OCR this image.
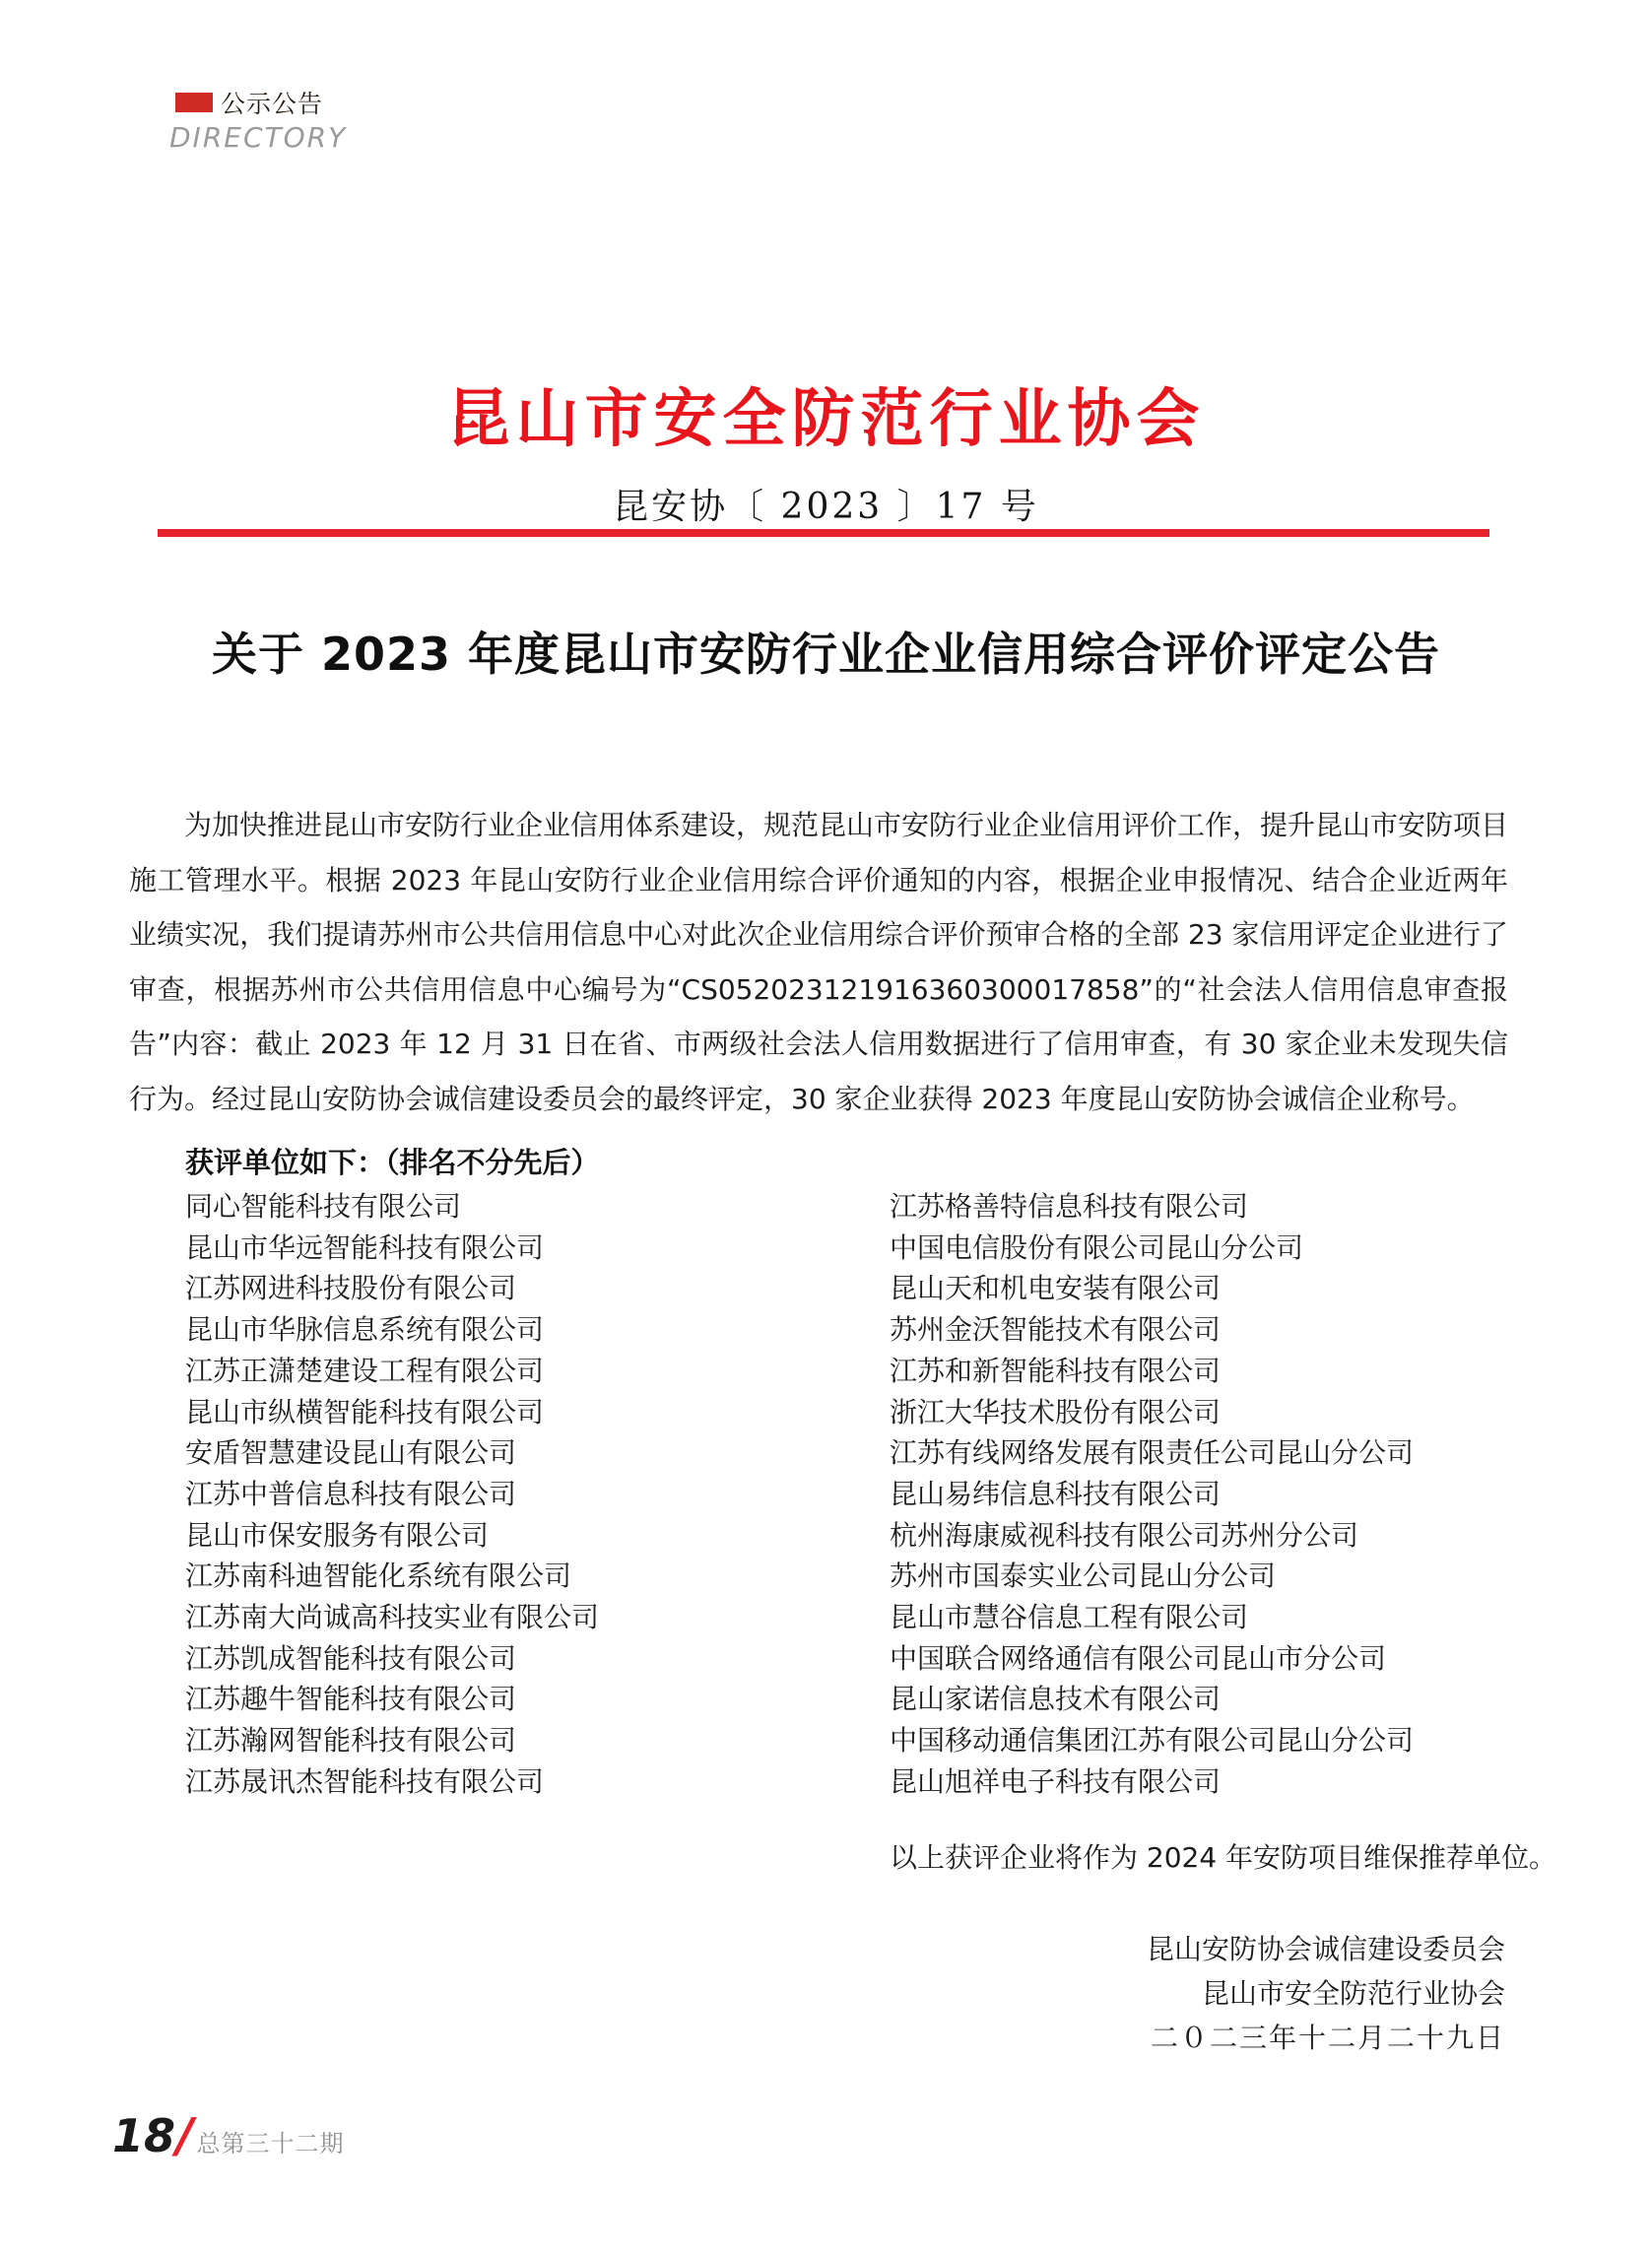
公示公告
DIRECTORY
昆山市安全防范行业协会
昆安协〔 2023 〕17 号
关于 2023 年度昆山市安防行业企业信用综合评价评定公告
为加快推进昆山市安防行业企业信用体系建设，规范昆山市安防行业企业信用评价工作，提升昆山市安防项目施工管理水平。根据 2023 年昆山安防行业企业信用综合评价通知的内容，根据企业申报情况、结合企业近两年业绩实况，我们提请苏州市公共信用信息中心对此次企业信用综合评价预审合格的全部 23 家信用评定企业进行了审查，根据苏州市公共信用信息中心编号为“CS052023121916360300017858”的“社会法人信用信息审查报告”内容：截止 2023 年 12 月 31 日在省、市两级社会法人信用数据进行了信用审查，有 30 家企业未发现失信行为。经过昆山安防协会诚信建设委员会的最终评定，30 家企业获得 2023 年度昆山安防协会诚信企业称号。
获评单位如下：（排名不分先后）
同心智能科技有限公司
昆山市华远智能科技有限公司
江苏网进科技股份有限公司
昆山市华脉信息系统有限公司
江苏正潇楚建设工程有限公司
昆山市纵横智能科技有限公司
安盾智慧建设昆山有限公司
江苏中普信息科技有限公司
昆山市保安服务有限公司
江苏南科迪智能化系统有限公司
江苏南大尚诚高科技实业有限公司
江苏凯成智能科技有限公司
江苏趣牛智能科技有限公司
江苏瀚网智能科技有限公司
江苏晟讯杰智能科技有限公司
江苏格善特信息科技有限公司
中国电信股份有限公司昆山分公司
昆山天和机电安装有限公司
苏州金沃智能技术有限公司
江苏和新智能科技有限公司
浙江大华技术股份有限公司
江苏有线网络发展有限责任公司昆山分公司
昆山易纬信息科技有限公司
杭州海康威视科技有限公司苏州分公司
苏州市国泰实业公司昆山分公司
昆山市慧谷信息工程有限公司
中国联合网络通信有限公司昆山市分公司
昆山家诺信息技术有限公司
中国移动通信集团江苏有限公司昆山分公司
昆山旭祥电子科技有限公司
以上获评企业将作为 2024 年安防项目维保推荐单位。
昆山安防协会诚信建设委员会
昆山市安全防范行业协会
二０二三年十二月二十九日
18 / 总第三十二期
